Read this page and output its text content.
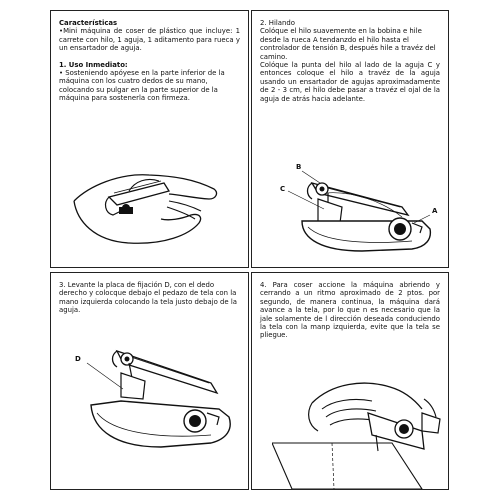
Características

•Mini máquina de coser de plástico que incluye: 1 carrete con hilo, 1 aguja, 1 aditamento para rueca y un ensartador de aguja.

1. Uso Inmediato:

• Sosteniendo apóyese en la parte inferior de la máquina con los cuatro dedos de su mano, colocando su pulgar en la parte superior de la máquina para sostenerla con firmeza.

2. Hilando

Colóque el hilo suavemente en la bobina e hile desde la rueca A tendanzdo el hilo hasta el controlador de tensión B, después hile a travéz del camino.

Colóque la punta del hilo al lado de la aguja C y entonces coloque el hilo a travéz de la aguja usando un ensartador de agujas aproximadamente de 2 - 3 cm, el hilo debe pasar a travéz el ojal de la aguja de atrás hacia adelante.

B
C
A

3. Levante la placa de fijación D, con el dedo derecho y colocque debajo el pedazo de tela con la mano izquierda colocando la tela justo debajo de la aguja.

D

4. Para coser accione la máquina abriendo y cerrando a un ritmo aproximado de 2 ptos. por segundo, de manera continua, la máquina dará avance a la tela, por lo que n es necesario que la jale solamente de l dirección deseada conduciendo la tela con la manp izquierda, evite que la tela se pliegue.
